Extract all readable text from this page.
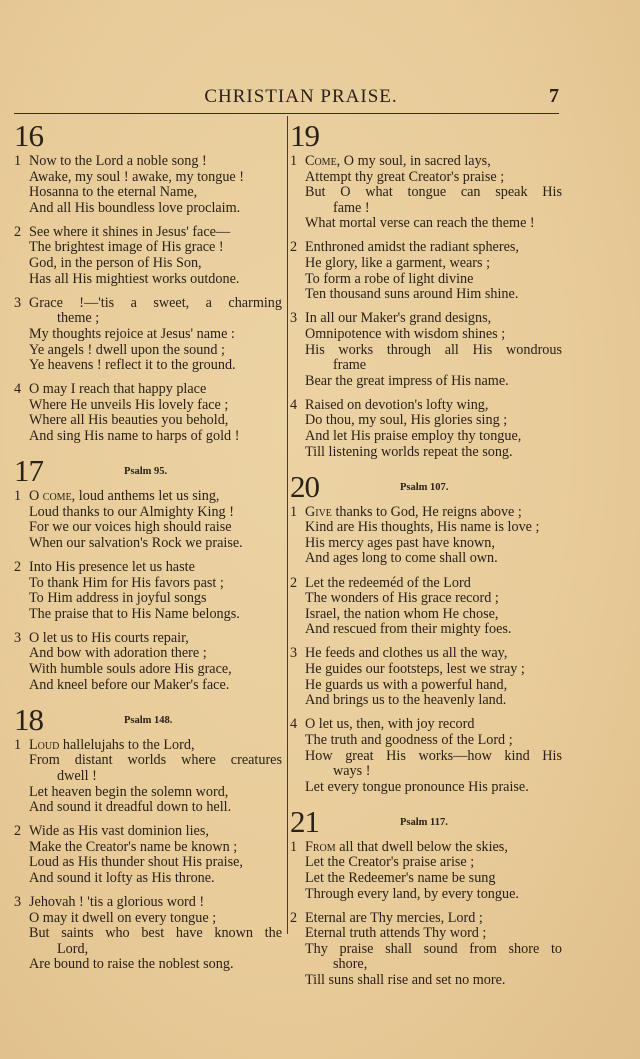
CHRISTIAN PRAISE.	7
16
1 Now to the Lord a noble song !
Awake, my soul ! awake, my tongue !
Hosanna to the eternal Name,
And all His boundless love proclaim.
2 See where it shines in Jesus' face—
The brightest image of His grace !
God, in the person of His Son,
Has all His mightiest works outdone.
3 Grace !—'tis a sweet, a charming
theme ;
My thoughts rejoice at Jesus' name :
Ye angels ! dwell upon the sound ;
Ye heavens ! reflect it to the ground.
4 O may I reach that happy place
Where He unveils His lovely face ;
Where all His beauties you behold,
And sing His name to harps of gold !
17	Psalm 95.
1 O come, loud anthems let us sing,
Loud thanks to our Almighty King !
For we our voices high should raise
When our salvation's Rock we praise.
2 Into His presence let us haste
To thank Him for His favors past ;
To Him address in joyful songs
The praise that to His Name belongs.
3 O let us to His courts repair,
And bow with adoration there ;
With humble souls adore His grace,
And kneel before our Maker's face.
18	Psalm 148.
1 Loud hallelujahs to the Lord,
From distant worlds where creatures
dwell !
Let heaven begin the solemn word,
And sound it dreadful down to hell.
2 Wide as His vast dominion lies,
Make the Creator's name be known ;
Loud as His thunder shout His praise,
And sound it lofty as His throne.
3 Jehovah ! 'tis a glorious word !
O may it dwell on every tongue ;
But saints who best have known the
Lord,
Are bound to raise the noblest song.
19
1 Come, O my soul, in sacred lays,
Attempt thy great Creator's praise ;
But O what tongue can speak His
fame !
What mortal verse can reach the theme !
2 Enthroned amidst the radiant spheres,
He glory, like a garment, wears ;
To form a robe of light divine
Ten thousand suns around Him shine.
3 In all our Maker's grand designs,
Omnipotence with wisdom shines ;
His works through all His wondrous
frame
Bear the great impress of His name.
4 Raised on devotion's lofty wing,
Do thou, my soul, His glories sing ;
And let His praise employ thy tongue,
Till listening worlds repeat the song.
20	Psalm 107.
1 Give thanks to God, He reigns above ;
Kind are His thoughts, His name is love ;
His mercy ages past have known,
And ages long to come shall own.
2 Let the redeeméd of the Lord
The wonders of His grace record ;
Israel, the nation whom He chose,
And rescued from their mighty foes.
3 He feeds and clothes us all the way,
He guides our footsteps, lest we stray ;
He guards us with a powerful hand,
And brings us to the heavenly land.
4 O let us, then, with joy record
The truth and goodness of the Lord ;
How great His works—how kind His
ways !
Let every tongue pronounce His praise.
21	Psalm 117.
1 From all that dwell below the skies,
Let the Creator's praise arise ;
Let the Redeemer's name be sung
Through every land, by every tongue.
2 Eternal are Thy mercies, Lord ;
Eternal truth attends Thy word ;
Thy praise shall sound from shore to
shore,
Till suns shall rise and set no more.
